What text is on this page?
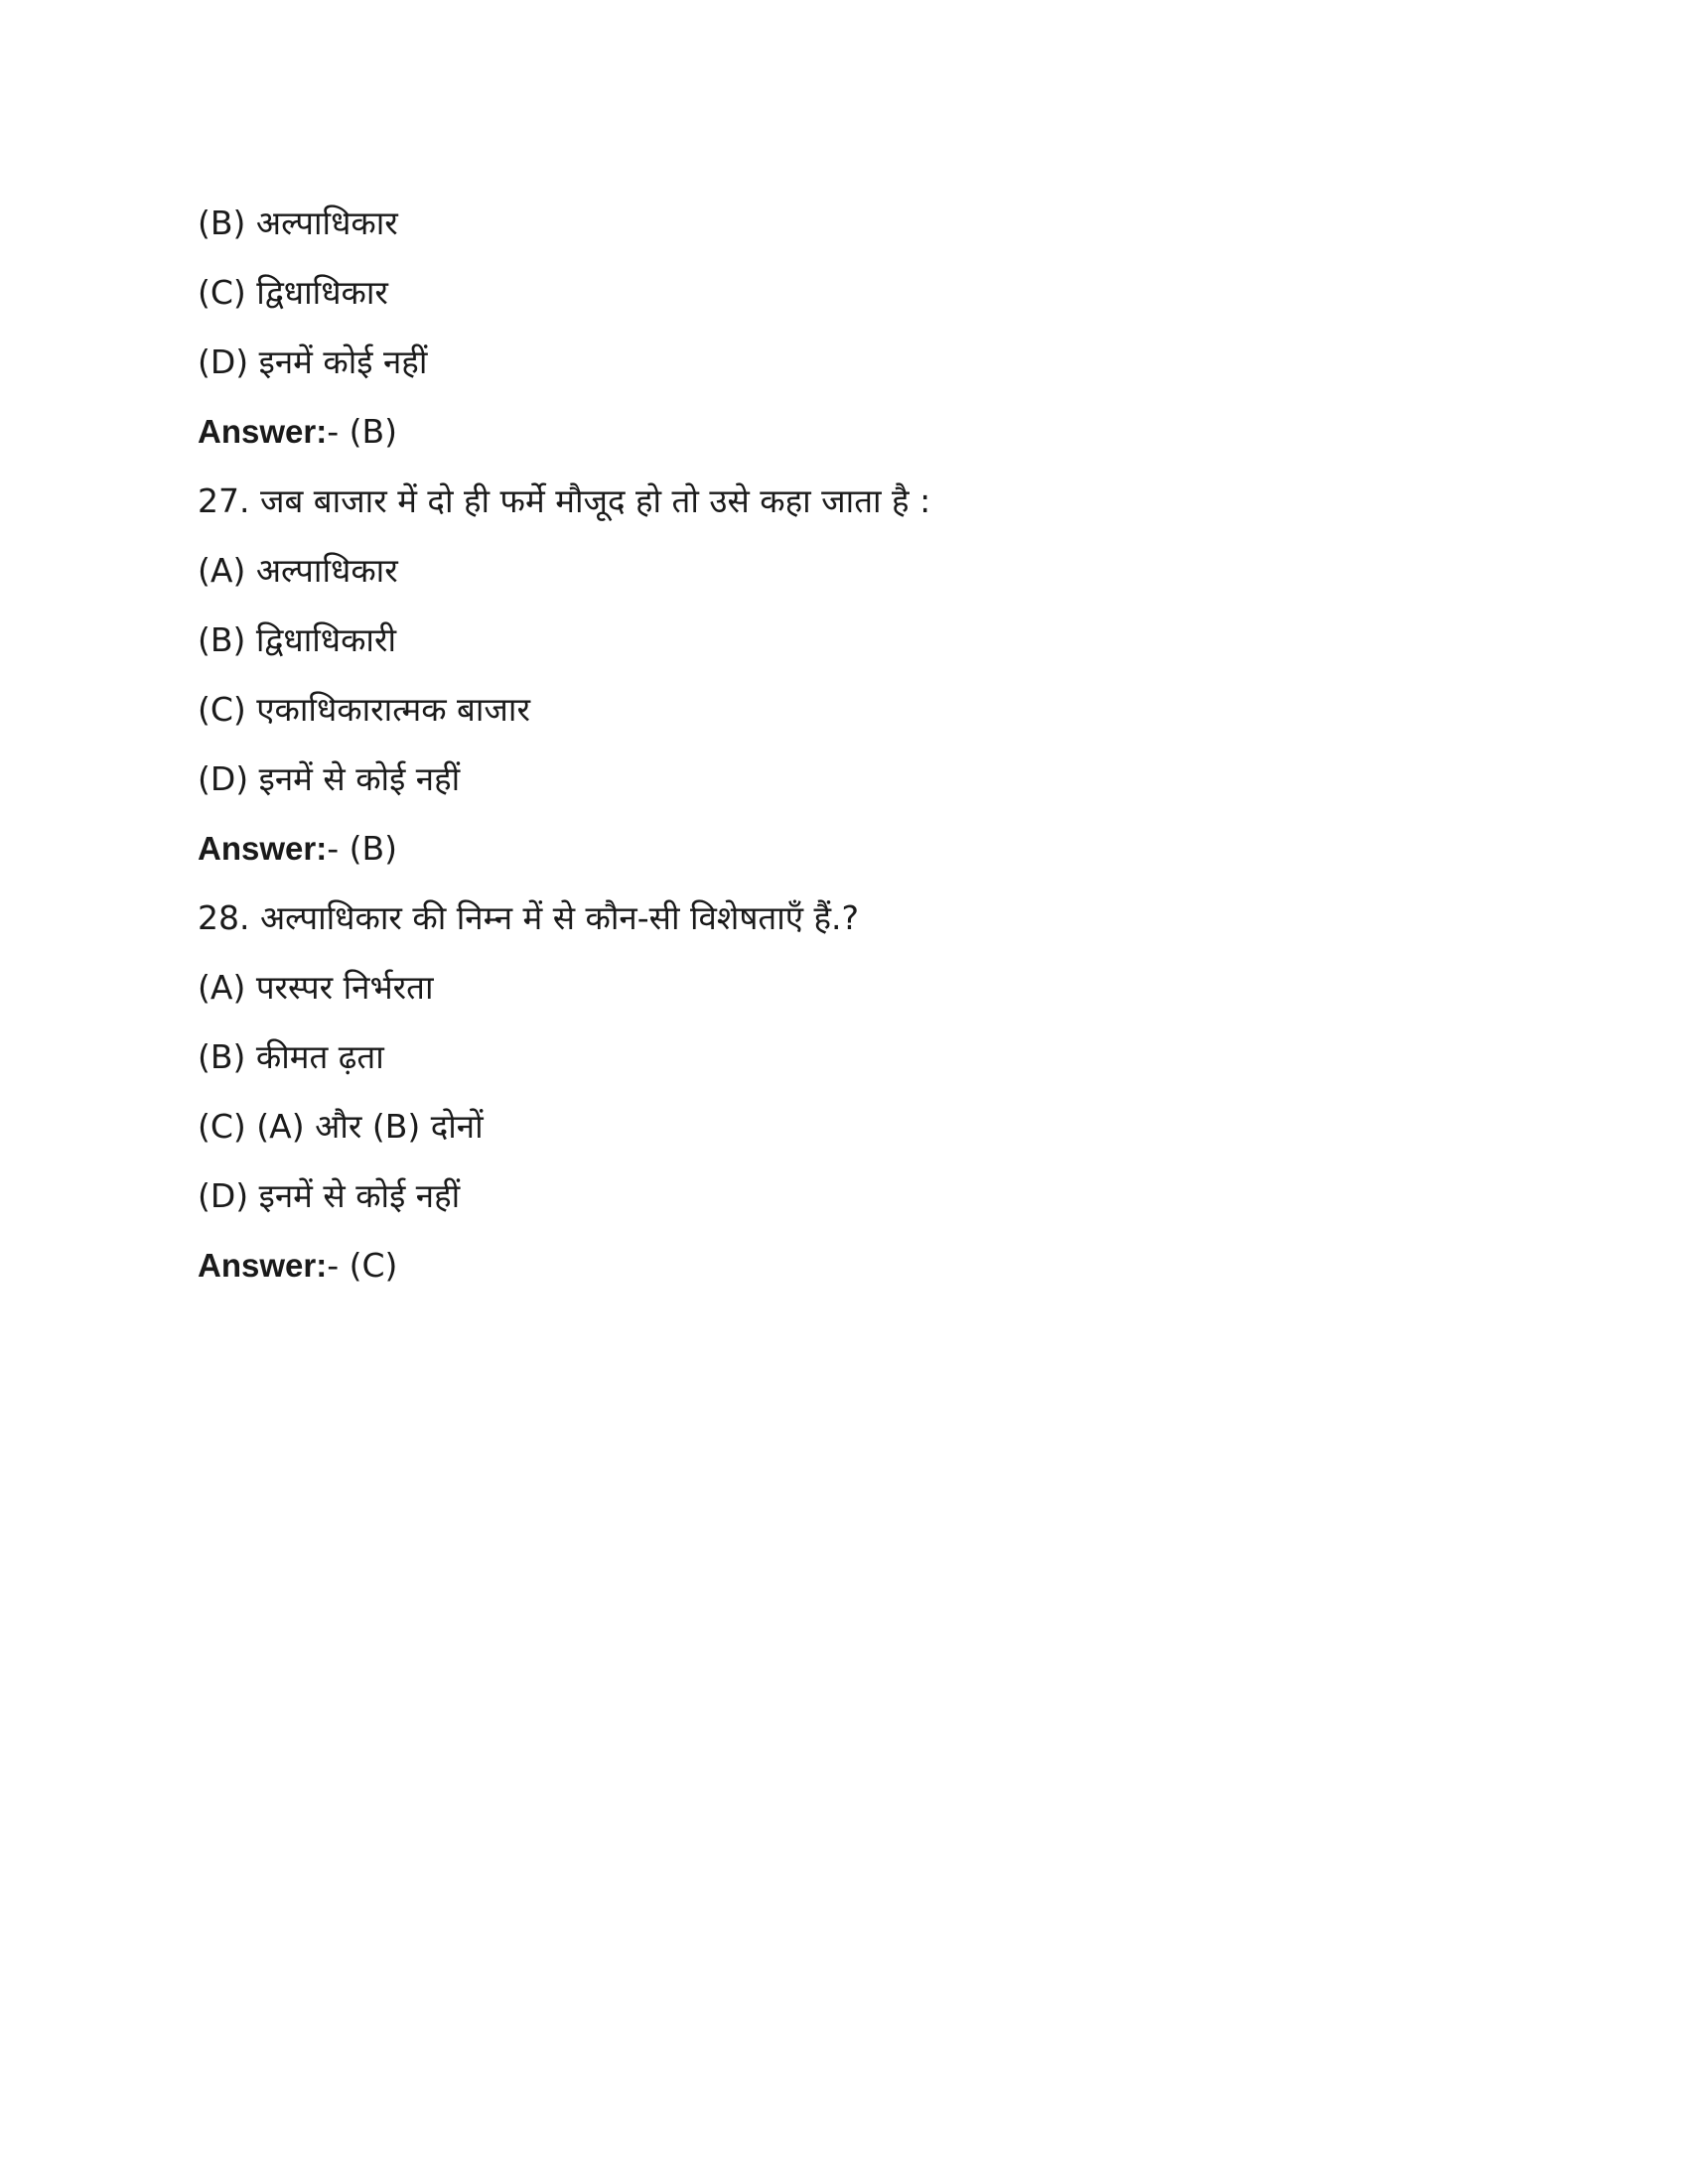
(B) अल्पाधिकार
(C) द्विधाधिकार
(D) इनमें कोई नहीं
Answer:- (B)
27. जब बाजार में दो ही फर्मे मौजूद हो तो उसे कहा जाता है :
(A) अल्पाधिकार
(B) द्विधाधिकारी
(C) एकाधिकारात्मक बाजार
(D) इनमें से कोई नहीं
Answer:- (B)
28. अल्पाधिकार की निम्न में से कौन-सी विशेषताएँ हैं.?
(A) परस्पर निर्भरता
(B) कीमत ढ़ता
(C) (A) और (B) दोनों
(D) इनमें से कोई नहीं
Answer:- (C)
